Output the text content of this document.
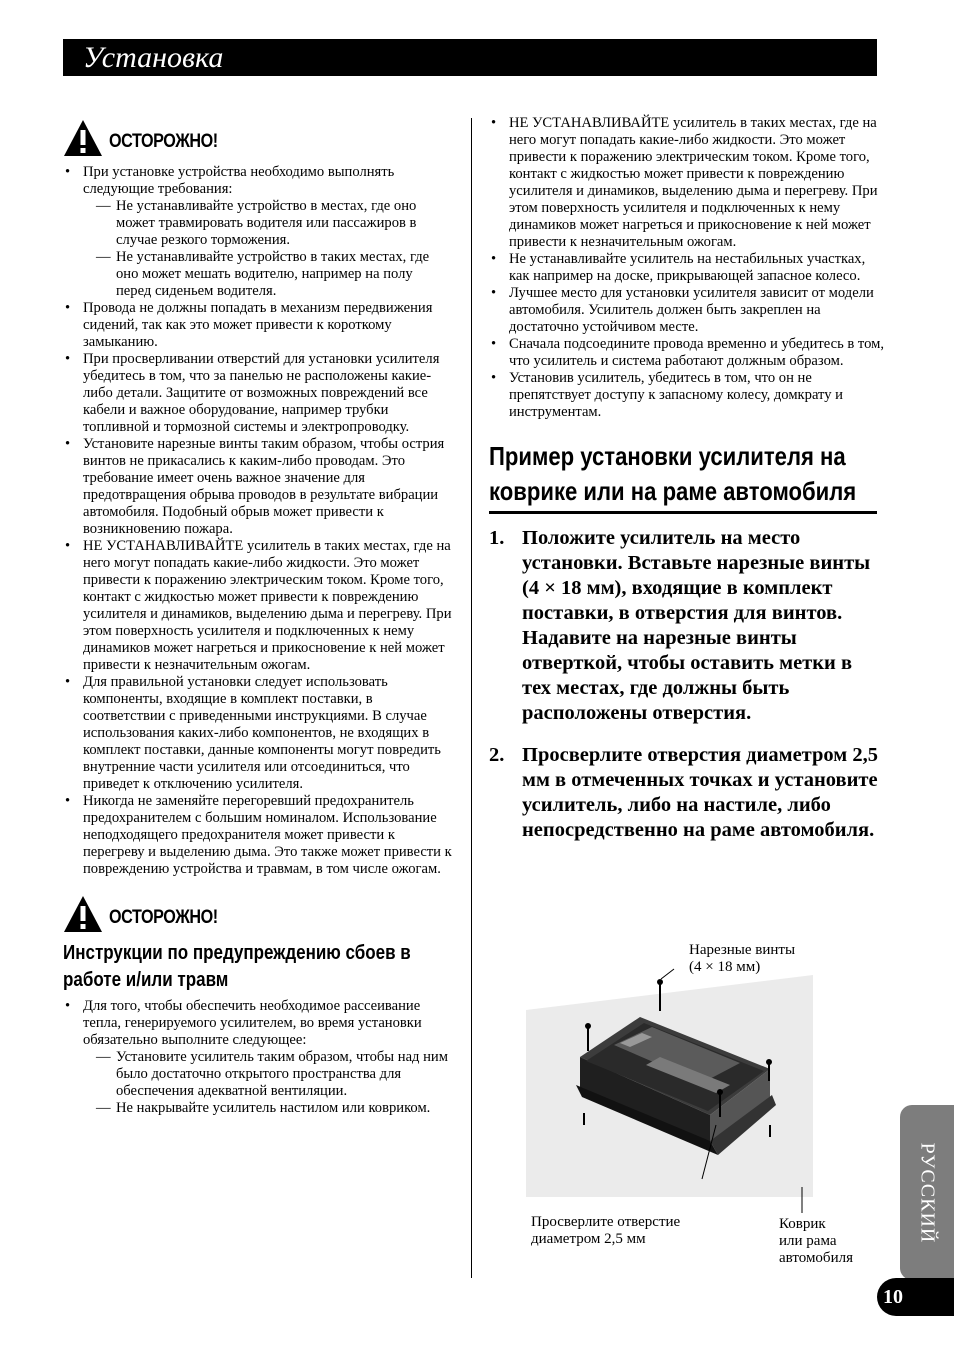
Установка
ОСТОРОЖНО!
• При установке устройства необходимо выполнять следующие требования:
— Не устанавливайте устройство в местах, где оно может травмировать водителя или пассажиров в случае резкого торможения.
— Не устанавливайте устройство в таких местах, где оно может мешать водителю, например на полу перед сиденьем водителя.
• Провода не должны попадать в механизм передвижения сидений, так как это может привести к короткому замыканию.
• При просверливании отверстий для установки усилителя убедитесь в том, что за панелью не расположены какие-либо детали. Защитите от возможных повреждений все кабели и важное оборудование, например трубки топливной и тормозной системы и электропроводку.
• Установите нарезные винты таким образом, чтобы острия винтов не прикасались к каким-либо проводам. Это требование имеет очень важное значение для предотвращения обрыва проводов в результате вибрации автомобиля. Подобный обрыв может привести к возникновению пожара.
• НЕ УСТАНАВЛИВАЙТЕ усилитель в таких местах, где на него могут попадать какие-либо жидкости. Это может привести к поражению электрическим током. Кроме того, контакт с жидкостью может привести к повреждению усилителя и динамиков, выделению дыма и перегреву. При этом поверхность усилителя и подключенных к нему динамиков может нагреться и прикосновение к ней может привести к незначительным ожогам.
• Для правильной установки следует использовать компоненты, входящие в комплект поставки, в соответствии с приведенными инструкциями. В случае использования каких-либо компонентов, не входящих в комплект поставки, данные компоненты могут повредить внутренние части усилителя или отсоединиться, что приведет к отключению усилителя.
• Никогда не заменяйте перегоревший предохранитель предохранителем с большим номиналом. Использование неподходящего предохранителя может привести к перегреву и выделению дыма. Это также может привести к повреждению устройства и травмам, в том числе ожогам.
ОСТОРОЖНО!
Инструкции по предупреждению сбоев в работе и/или травм
• Для того, чтобы обеспечить необходимое рассеивание тепла, генерируемого усилителем, во время установки обязательно выполните следующее:
— Установите усилитель таким образом, чтобы над ним было достаточно открытого пространства для обеспечения адекватной вентиляции.
— Не накрывайте усилитель настилом или ковриком.
• НЕ УСТАНАВЛИВАЙТЕ усилитель в таких местах, где на него могут попадать какие-либо жидкости. Это может привести к поражению электрическим током. Кроме того, контакт с жидкостью может привести к повреждению усилителя и динамиков, выделению дыма и перегреву. При этом поверхность усилителя и подключенных к нему динамиков может нагреться и прикосновение к ней может привести к незначительным ожогам.
• Не устанавливайте усилитель на нестабильных участках, как например на доске, прикрывающей запасное колесо.
• Лучшее место для установки усилителя зависит от модели автомобиля. Усилитель должен быть закреплен на достаточно устойчивом месте.
• Сначала подсоедините провода временно и убедитесь в том, что усилитель и система работают должным образом.
• Установив усилитель, убедитесь в том, что он не препятствует доступу к запасному колесу, домкрату и инструментам.
Пример установки усилителя на коврике или на раме автомобиля
1. Положите усилитель на место установки. Вставьте нарезные винты (4 × 18 мм), входящие в комплект поставки, в отверстия для винтов. Надавите на нарезные винты отверткой, чтобы оставить метки в тех местах, где должны быть расположены отверстия.
2. Просверлите отверстия диаметром 2,5 мм в отмеченных точках и установите усилитель, либо на настиле, либо непосредственно на раме автомобиля.
Нарезные винты
(4 × 18 мм)
Просверлите отверстие
диаметром 2,5 мм
Коврик
или рама
автомобиля
РУССКИЙ
10
